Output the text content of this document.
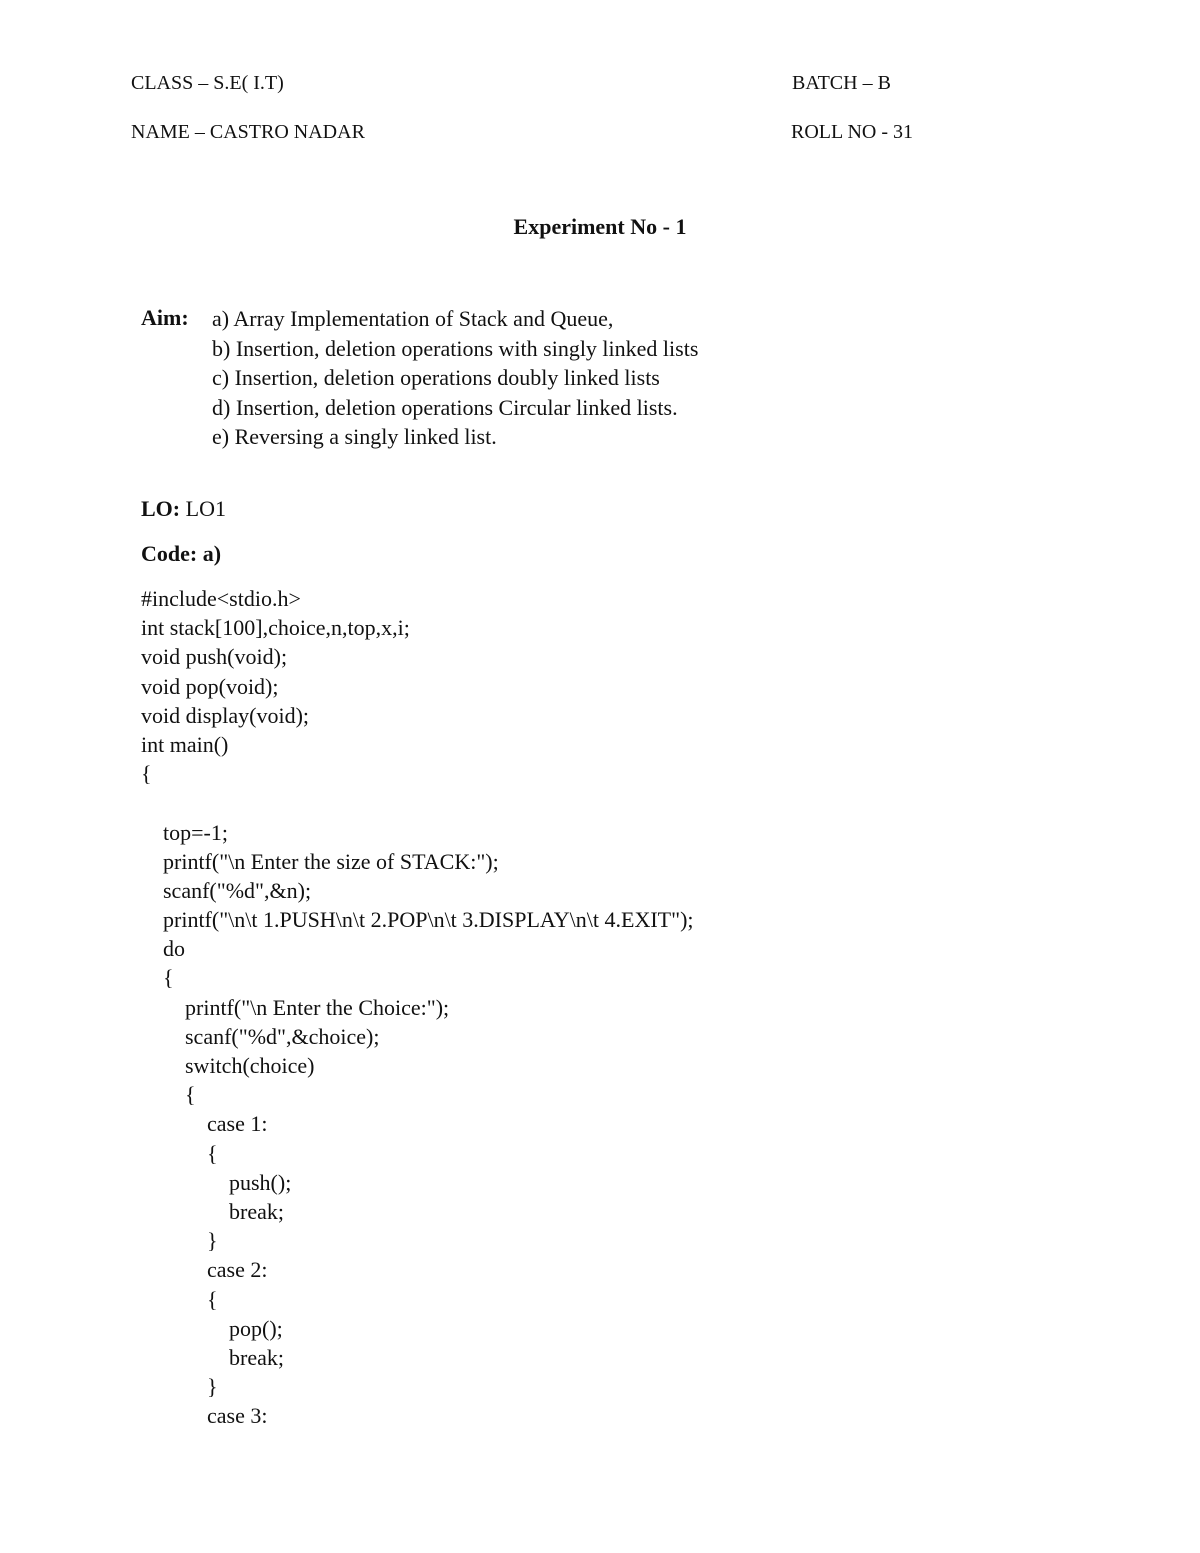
CLASS – S.E( I.T)	BATCH – B
NAME – CASTRO NADAR	ROLL NO - 31
Experiment No - 1
Aim: a) Array Implementation of Stack and Queue,
b) Insertion, deletion operations with singly linked lists
c) Insertion, deletion operations doubly linked lists
d) Insertion, deletion operations Circular linked lists.
e) Reversing a singly linked list.
LO: LO1
Code: a)
#include<stdio.h>
int stack[100],choice,n,top,x,i;
void push(void);
void pop(void);
void display(void);
int main()
{
top=-1;
printf("\n Enter the size of STACK:");
scanf("%d",&n);
printf("\n\t 1.PUSH\n\t 2.POP\n\t 3.DISPLAY\n\t 4.EXIT");
do
{
printf("\n Enter the Choice:");
scanf("%d",&choice);
switch(choice)
{
case 1:
{
push();
break;
}
case 2:
{
pop();
break;
}
case 3:
